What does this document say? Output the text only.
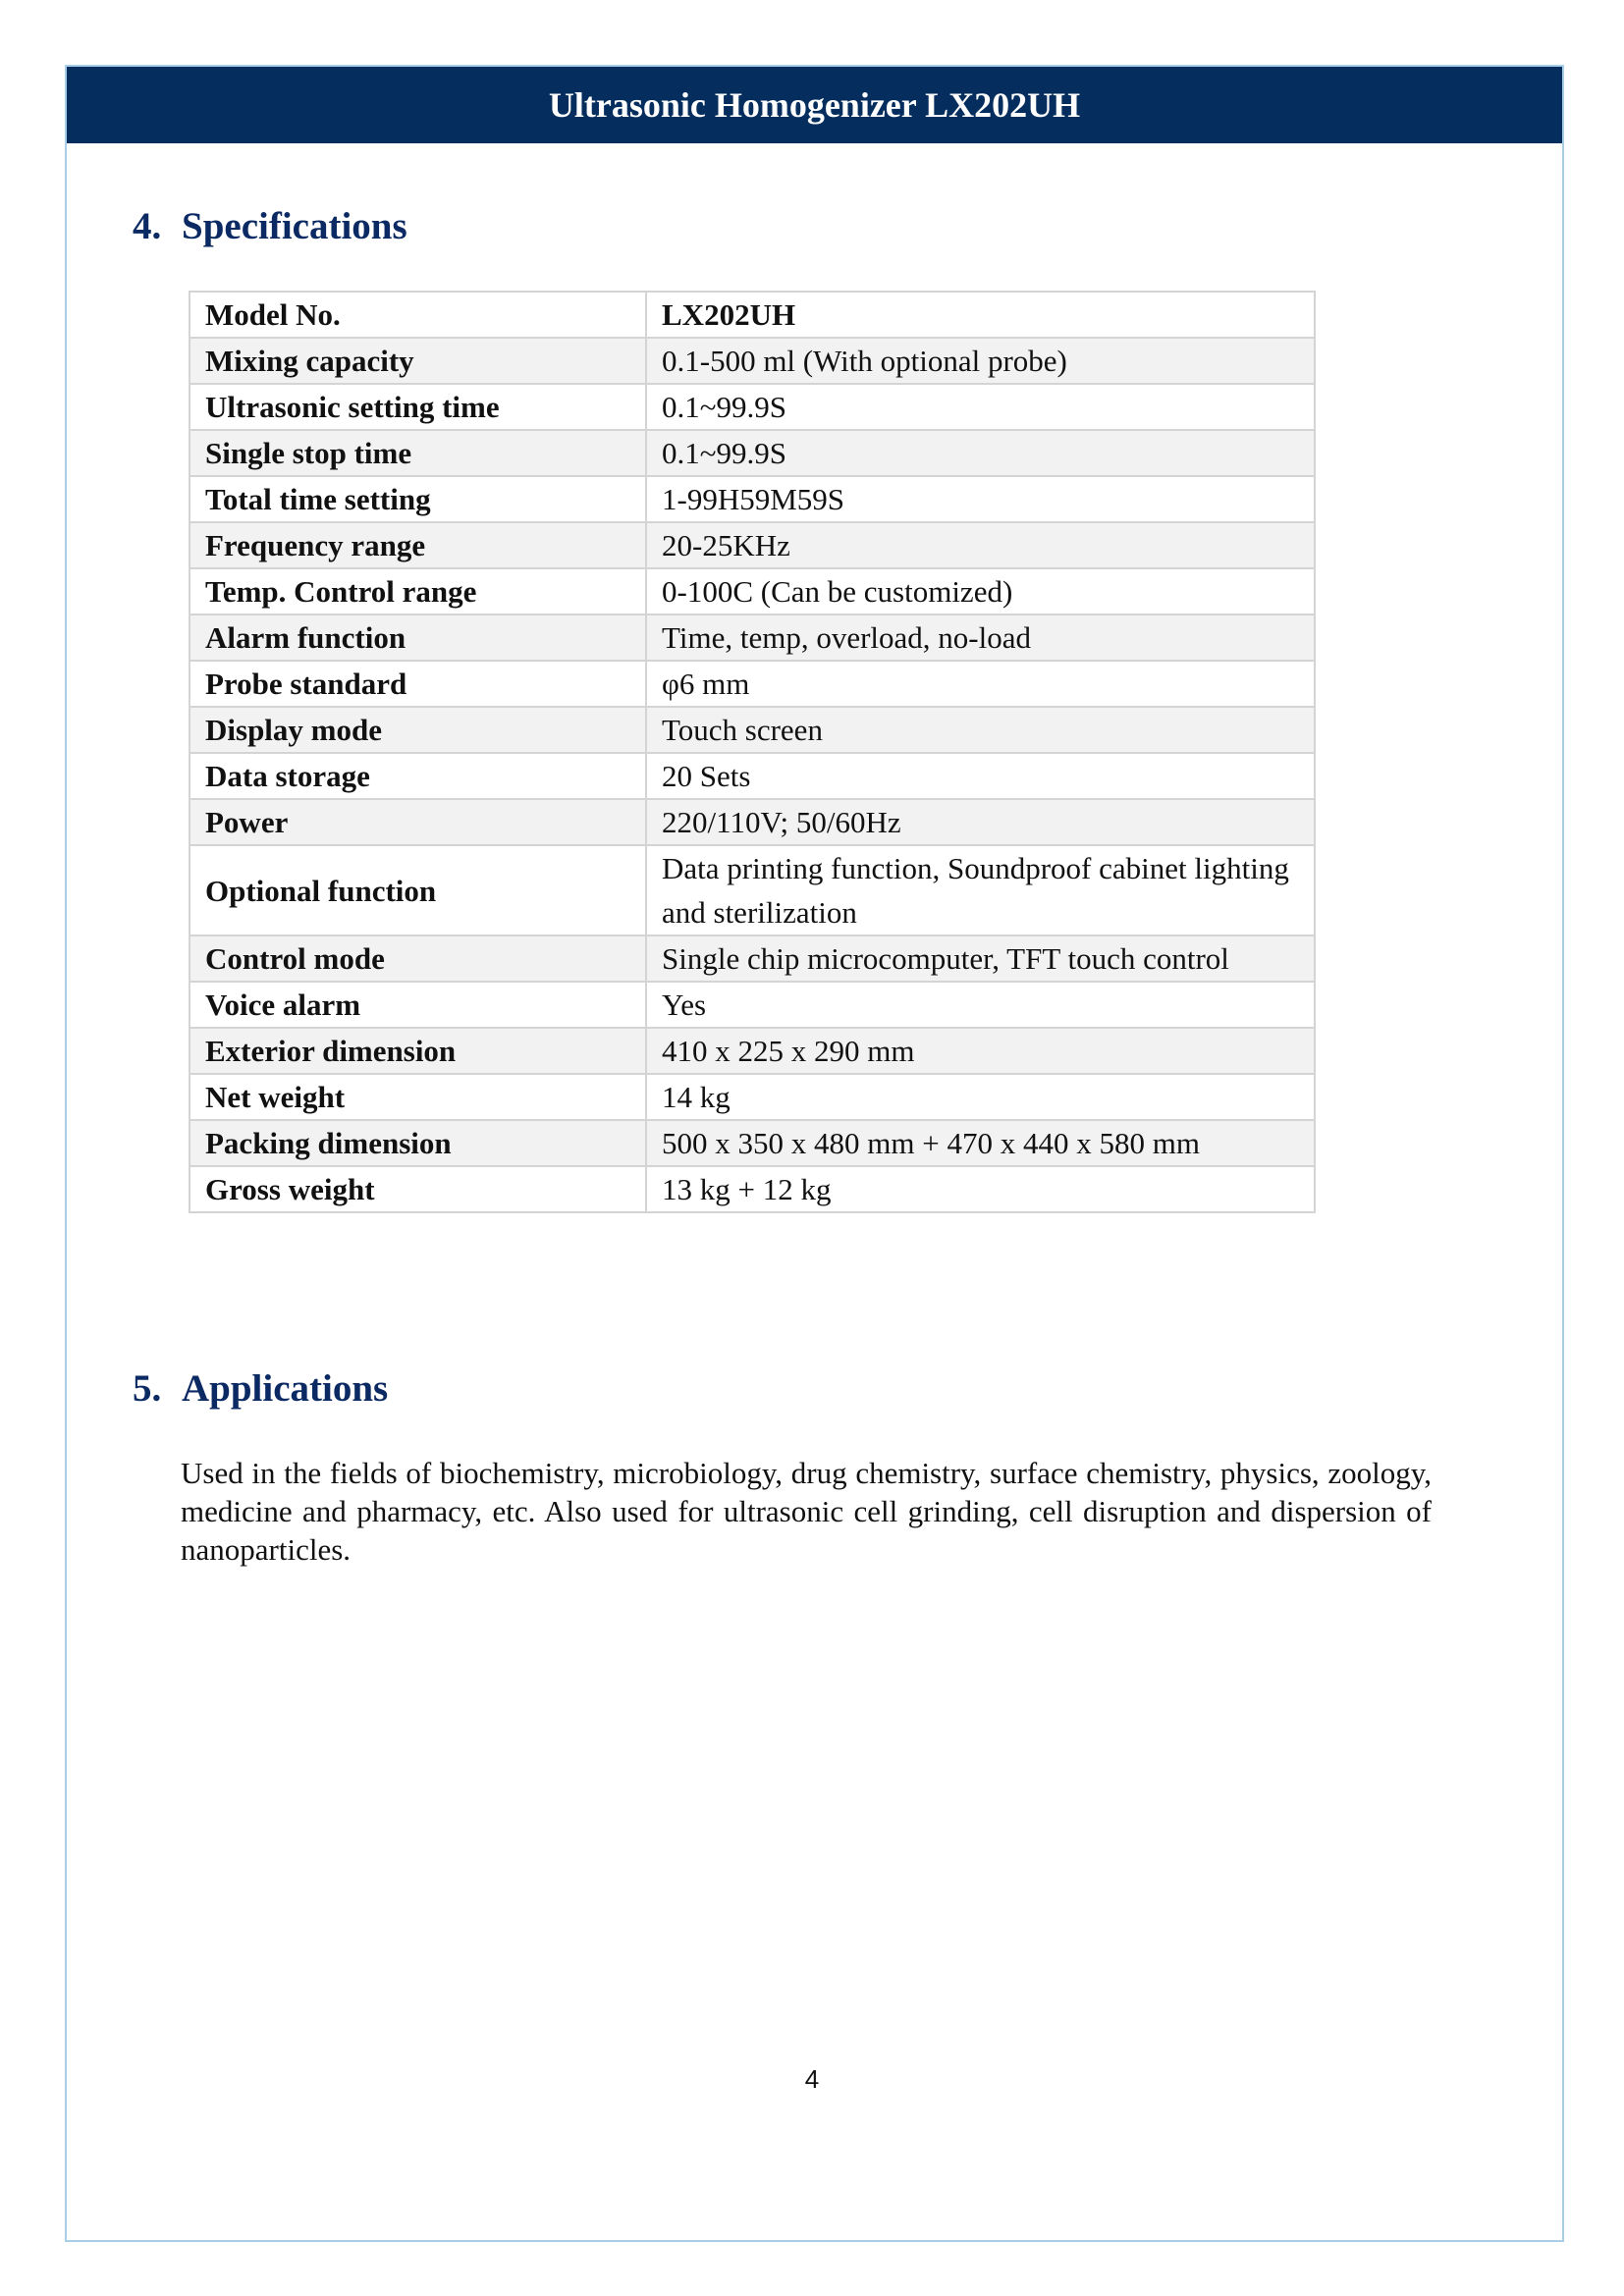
Ultrasonic Homogenizer LX202UH
4. Specifications
Model No.	LX202UH
Mixing capacity	0.1-500 ml (With optional probe)
Ultrasonic setting time	0.1~99.9S
Single stop time	0.1~99.9S
Total time setting	1-99H59M59S
Frequency range	20-25KHz
Temp. Control range	0-100C (Can be customized)
Alarm function	Time, temp, overload, no-load
Probe standard	φ6 mm
Display mode	Touch screen
Data storage	20 Sets
Power	220/110V; 50/60Hz
Optional function	Data printing function, Soundproof cabinet lighting and sterilization
Control mode	Single chip microcomputer, TFT touch control
Voice alarm	Yes
Exterior dimension	410 x 225 x 290 mm
Net weight	14 kg
Packing dimension	500 x 350 x 480 mm + 470 x 440 x 580 mm
Gross weight	13 kg + 12 kg
5. Applications

Used in the fields of biochemistry, microbiology, drug chemistry, surface chemistry, physics, zoology, medicine and pharmacy, etc. Also used for ultrasonic cell grinding, cell disruption and dispersion of nanoparticles.

4
